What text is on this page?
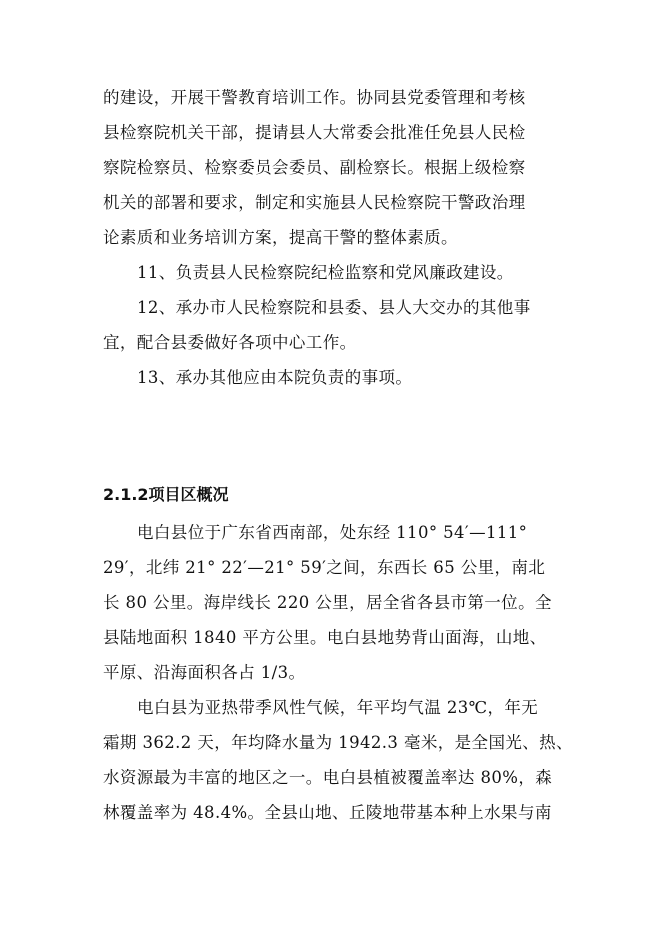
的建设，开展干警教育培训工作。协同县党委管理和考核
县检察院机关干部，提请县人大常委会批准任免县人民检
察院检察员、检察委员会委员、副检察长。根据上级检察
机关的部署和要求，制定和实施县人民检察院干警政治理
论素质和业务培训方案，提高干警的整体素质。
11、负责县人民检察院纪检监察和党风廉政建设。
12、承办市人民检察院和县委、县人大交办的其他事
宜，配合县委做好各项中心工作。
13、承办其他应由本院负责的事项。
2.1.2项目区概况
电白县位于广东省西南部，处东经 110° 54′—111°
29′，北纬 21° 22′—21° 59′之间，东西长 65 公里，南北
长 80 公里。海岸线长 220 公里，居全省各县市第一位。全
县陆地面积 1840 平方公里。电白县地势背山面海，山地、
平原、沿海面积各占 1/3。
电白县为亚热带季风性气候，年平均气温 23℃，年无
霜期 362.2 天，年均降水量为 1942.3 毫米，是全国光、热、
水资源最为丰富的地区之一。电白县植被覆盖率达 80%，森
林覆盖率为 48.4%。全县山地、丘陵地带基本种上水果与南
